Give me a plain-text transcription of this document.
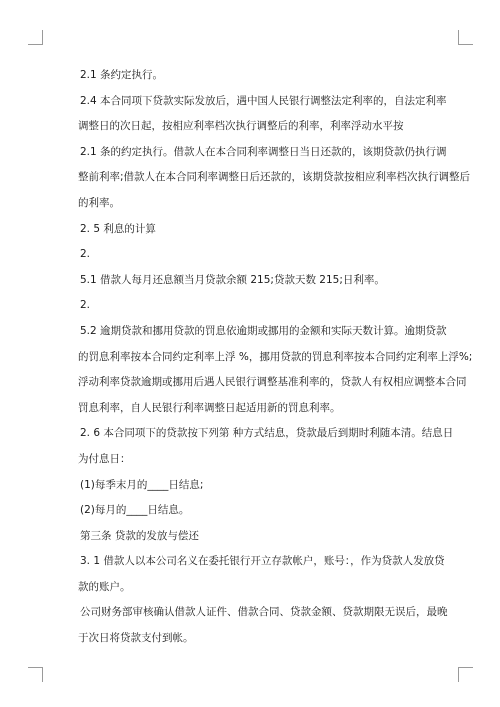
2.1 条约定执行。

2.4 本合同项下贷款实际发放后，遇中国人民银行调整法定利率的，自法定利率

调整日的次日起，按相应利率档次执行调整后的利率，利率浮动水平按

2.1 条的约定执行。借款人在本合同利率调整日当日还款的，该期贷款仍执行调

整前利率;借款人在本合同利率调整日后还款的，该期贷款按相应利率档次执行调整后

的利率。

2. 5 利息的计算

2.

5.1 借款人每月还息额当月贷款余额 215;贷款天数 215;日利率。

2.

5.2 逾期贷款和挪用贷款的罚息依逾期或挪用的金额和实际天数计算。逾期贷款

的罚息利率按本合同约定利率上浮 %，挪用贷款的罚息利率按本合同约定利率上浮%;

浮动利率贷款逾期或挪用后遇人民银行调整基准利率的，贷款人有权相应调整本合同

罚息利率，自人民银行利率调整日起适用新的罚息利率。

2. 6 本合同项下的贷款按下列第 种方式结息，贷款最后到期时利随本清。结息日

为付息日：

(1)每季末月的____日结息;

(2)每月的____日结息。

第三条 贷款的发放与偿还

3. 1 借款人以本公司名义在委托银行开立存款帐户，账号：，作为贷款人发放贷

款的账户。

公司财务部审核确认借款人证件、借款合同、贷款金额、贷款期限无误后，最晚

于次日将贷款支付到帐。
